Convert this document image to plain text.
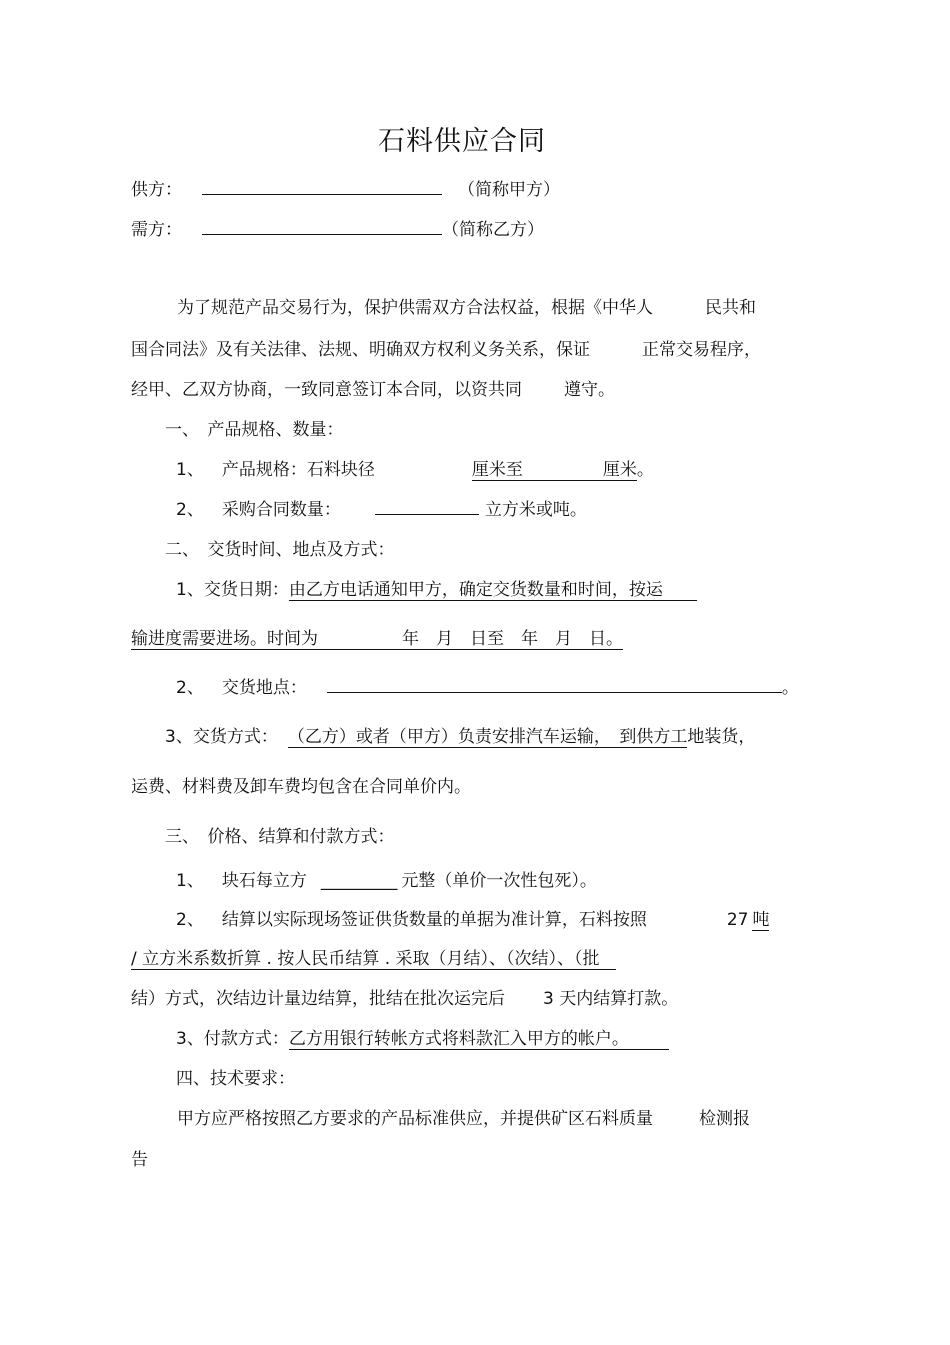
石料供应合同
供方：	（简称甲方）
需方：	（简称乙方）
为了规范产品交易行为，保护供需双方合法权益，根据《中华人	民共和
国合同法》及有关法律、法规、明确双方权利义务关系，保证	正常交易程序，
经甲、乙双方协商，一致同意签订本合同，以资共同 遵守。
一、　产品规格、数量：
1、 产品规格：石料块径	厘米至	厘米。
2、 采购合同数量：	立方米或吨。
二、　交货时间、地点及方式：
1、交货日期：由乙方电话通知甲方，确定交货数量和时间，按运
输进度需要进场。时间为	年　月　日至　年　月　日。
2、 交货地点：	。
3、交货方式： （乙方）或者（甲方）负责安排汽车运输，　到供方工地装货，
运费、材料费及卸车费均包含在合同单价内。
三、　价格、结算和付款方式：
1、 块石每立方 _________ 元整（单价一次性包死）。
2、 结算以实际现场签证供货数量的单据为准计算，石料按照	27 吨
/ 立方米系数折算 . 按人民币结算 . 采取（月结）、（次结）、（批
结）方式，次结边计量边结算，批结在批次运完后 3 天内结算打款。
3、付款方式：乙方用银行转帐方式将料款汇入甲方的帐户。
四、技术要求：
甲方应严格按照乙方要求的产品标准供应，并提供矿区石料质量	检测报
告
